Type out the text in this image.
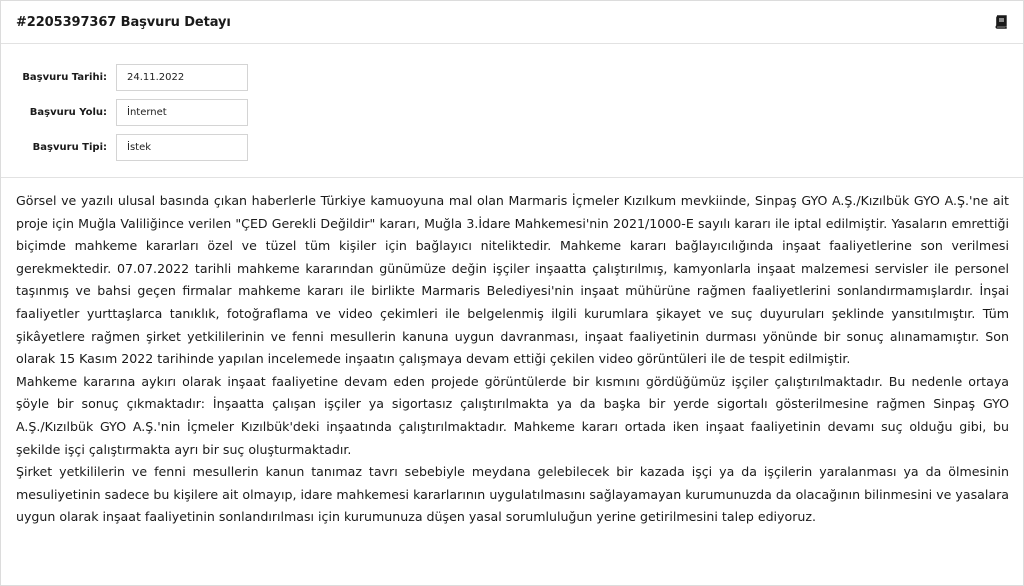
#2205397367 Başvuru Detayı
Başvuru Tarihi:	24.11.2022
Başvuru Yolu:	İnternet
Başvuru Tipi:	İstek

Görsel ve yazılı ulusal basında çıkan haberlerle Türkiye kamuoyuna mal olan Marmaris İçmeler Kızılkum mevkiinde, Sinpaş GYO A.Ş./Kızılbük GYO A.Ş.'ne ait proje için Muğla Valiliğince verilen "ÇED Gerekli Değildir" kararı, Muğla 3.İdare Mahkemesi'nin 2021/1000-E sayılı kararı ile iptal edilmiştir. Yasaların emrettiği biçimde mahkeme kararları özel ve tüzel tüm kişiler için bağlayıcı niteliktedir. Mahkeme kararı bağlayıcılığında inşaat faaliyetlerine son verilmesi gerekmektedir. 07.07.2022 tarihli mahkeme kararından günümüze değin işçiler inşaatta çalıştırılmış, kamyonlarla inşaat malzemesi servisler ile personel taşınmış ve bahsi geçen firmalar mahkeme kararı ile birlikte Marmaris Belediyesi'nin inşaat mühürüne rağmen faaliyetlerini sonlandırmamışlardır. İnşai faaliyetler yurttaşlarca tanıklık, fotoğraflama ve video çekimleri ile belgelenmiş ilgili kurumlara şikayet ve suç duyuruları şeklinde yansıtılmıştır. Tüm şikâyetlere rağmen şirket yetkililerinin ve fenni mesullerin kanuna uygun davranması, inşaat faaliyetinin durması yönünde bir sonuç alınamamıştır. Son olarak 15 Kasım 2022 tarihinde yapılan incelemede inşaatın çalışmaya devam ettiği çekilen video görüntüleri ile de tespit edilmiştir.

Mahkeme kararına aykırı olarak inşaat faaliyetine devam eden projede görüntülerde bir kısmını gördüğümüz işçiler çalıştırılmaktadır. Bu nedenle ortaya şöyle bir sonuç çıkmaktadır: İnşaatta çalışan işçiler ya sigortasız çalıştırılmakta ya da başka bir yerde sigortalı gösterilmesine rağmen Sinpaş GYO A.Ş./Kızılbük GYO A.Ş.'nin İçmeler Kızılbük'deki inşaatında çalıştırılmaktadır. Mahkeme kararı ortada iken inşaat faaliyetinin devamı suç olduğu gibi, bu şekilde işçi çalıştırmakta ayrı bir suç oluşturmaktadır.

Şirket yetkililerin ve fenni mesullerin kanun tanımaz tavrı sebebiyle meydana gelebilecek bir kazada işçi ya da işçilerin yaralanması ya da ölmesinin mesuliyetinin sadece bu kişilere ait olmayıp, idare mahkemesi kararlarının uygulatılmasını sağlayamayan kurumunuzda da olacağının bilinmesini ve yasalara uygun olarak inşaat faaliyetinin sonlandırılması için kurumunuza düşen yasal sorumluluğun yerine getirilmesini talep ediyoruz.
